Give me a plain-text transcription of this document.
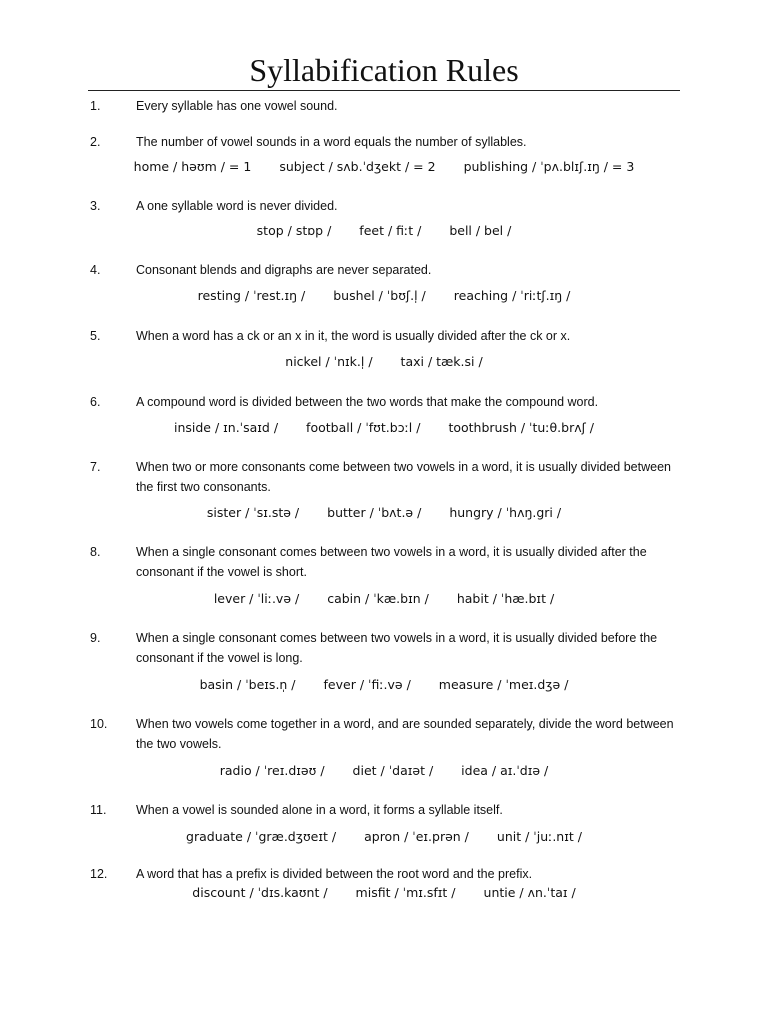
Syllabification Rules
1.	Every syllable has one vowel sound.
2.	The number of vowel sounds in a word equals the number of syllables.
home / həʊm / = 1 subject / sʌb.ˈdʒekt / = 2 publishing / ˈpʌ.blɪʃ.ɪŋ / = 3
3.	A one syllable word is never divided.
stop / stɒp / feet / fiːt / bell / bel /
4.	Consonant blends and digraphs are never separated.
resting / ˈrest.ɪŋ / bushel / ˈbʊʃ.l̩ / reaching / ˈriːtʃ.ɪŋ /
5.	When a word has a ck or an x in it, the word is usually divided after the ck or x.
nickel / ˈnɪk.l̩ / taxi / tæk.si /
6.	A compound word is divided between the two words that make the compound word.
inside / ɪn.ˈsaɪd / football / ˈfʊt.bɔːl / toothbrush / ˈtuːθ.brʌʃ /
7.	When two or more consonants come between two vowels in a word, it is usually divided between the first two consonants.
sister / ˈsɪ.stə / butter / ˈbʌt.ə / hungry / ˈhʌŋ.gri /
8.	When a single consonant comes between two vowels in a word, it is usually divided after the consonant if the vowel is short.
lever / ˈliː.və / cabin / ˈkæ.bɪn / habit / ˈhæ.bɪt /
9.	When a single consonant comes between two vowels in a word, it is usually divided before the consonant if the vowel is long.
basin / ˈbeɪs.n̩ / fever / ˈfiː.və / measure / ˈmeɪ.dʒə /
10. When two vowels come together in a word, and are sounded separately, divide the word between the two vowels.
radio / ˈreɪ.dɪəʊ / diet / ˈdaɪət / idea / aɪ.ˈdɪə /
11. When a vowel is sounded alone in a word, it forms a syllable itself.
graduate / ˈgræ.dʒʊeɪt / apron / ˈeɪ.prən / unit / ˈjuː.nɪt /
12. A word that has a prefix is divided between the root word and the prefix.
discount / ˈdɪs.kaʊnt / misfit / ˈmɪ.sfɪt / untie / ʌn.ˈtaɪ /
